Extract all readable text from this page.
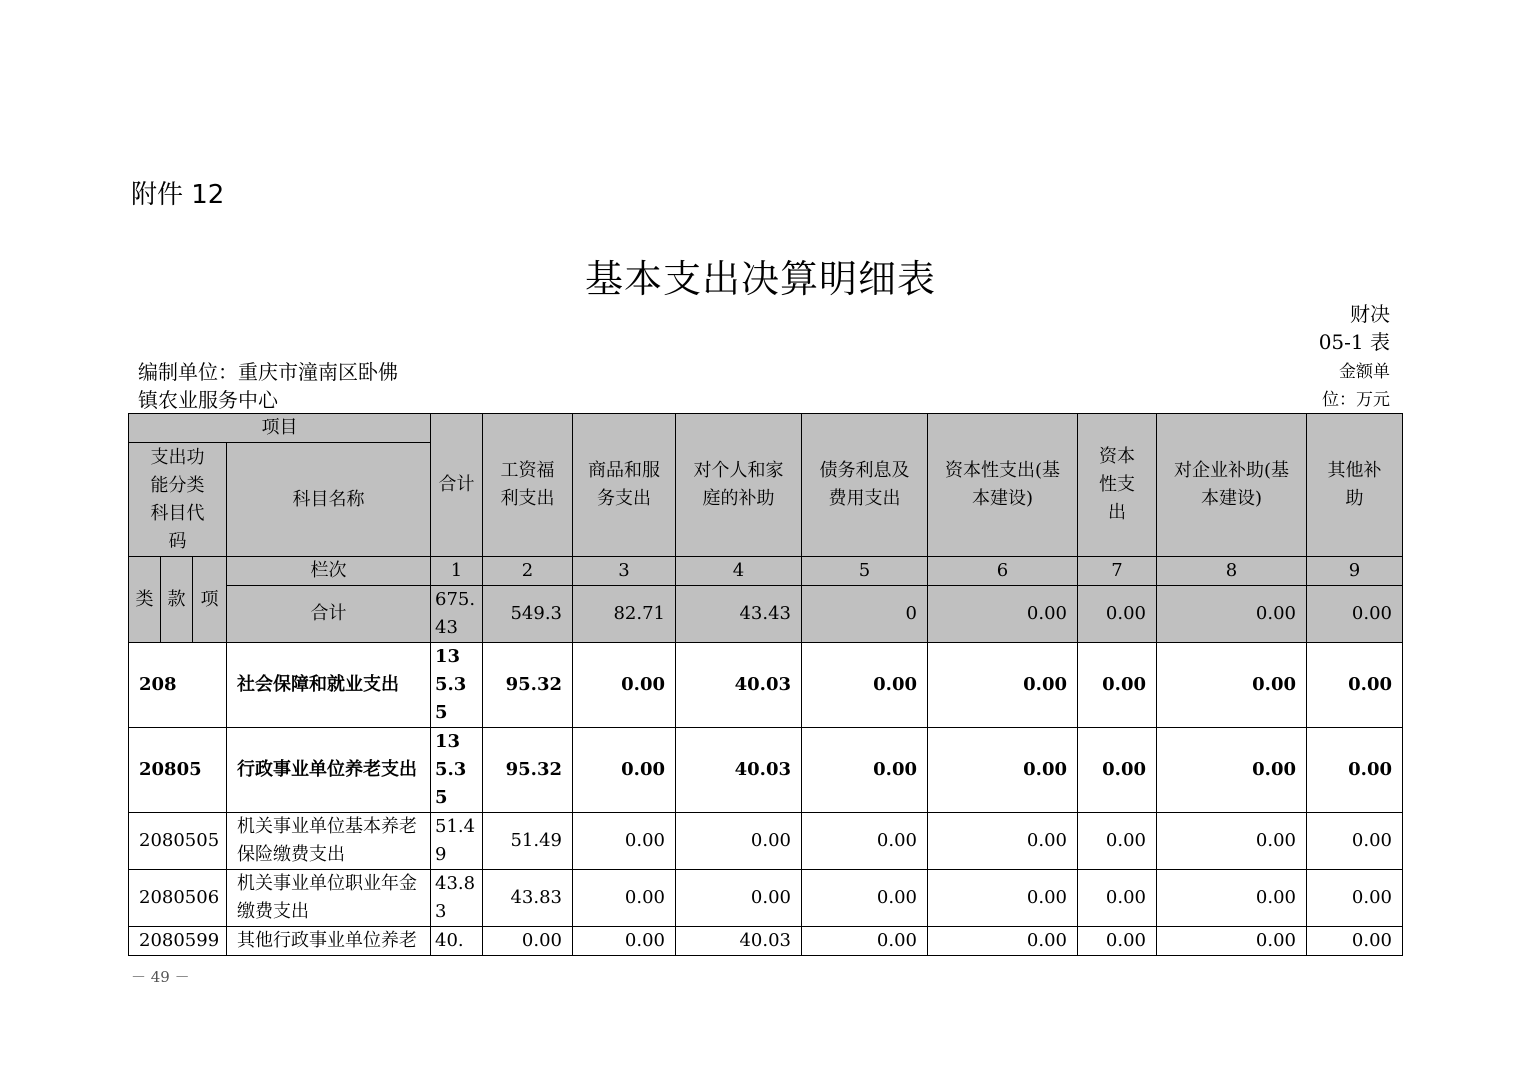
附件 12
基本支出决算明细表
财决
05-1 表
编制单位：重庆市潼南区卧佛
镇农业服务中心
金额单
位：万元
项目				合计	工资福利支出	商品和服务支出	对个人和家庭的补助	债务利息及费用支出	资本性支出(基本建设)	资本性支出	对企业补助(基本建设)	其他补助
支出功能分类科目代码			科目名称									
类	款	项	栏次	1	2	3	4	5	6	7	8	9
			合计	675.43	549.3	82.71	43.43	0	0.00	0.00	0.00	0.00
208			社会保障和就业支出	135.35	95.32	0.00	40.03	0.00	0.00	0.00	0.00	0.00
20805			行政事业单位养老支出	135.35	95.32	0.00	40.03	0.00	0.00	0.00	0.00	0.00
2080505			机关事业单位基本养老保险缴费支出	51.49	51.49	0.00	0.00	0.00	0.00	0.00	0.00	0.00
2080506			机关事业单位职业年金缴费支出	43.83	43.83	0.00	0.00	0.00	0.00	0.00	0.00	0.00
2080599			其他行政事业单位养老	40.	0.00	0.00	40.03	0.00	0.00	0.00	0.00	0.00
－ 49 －
